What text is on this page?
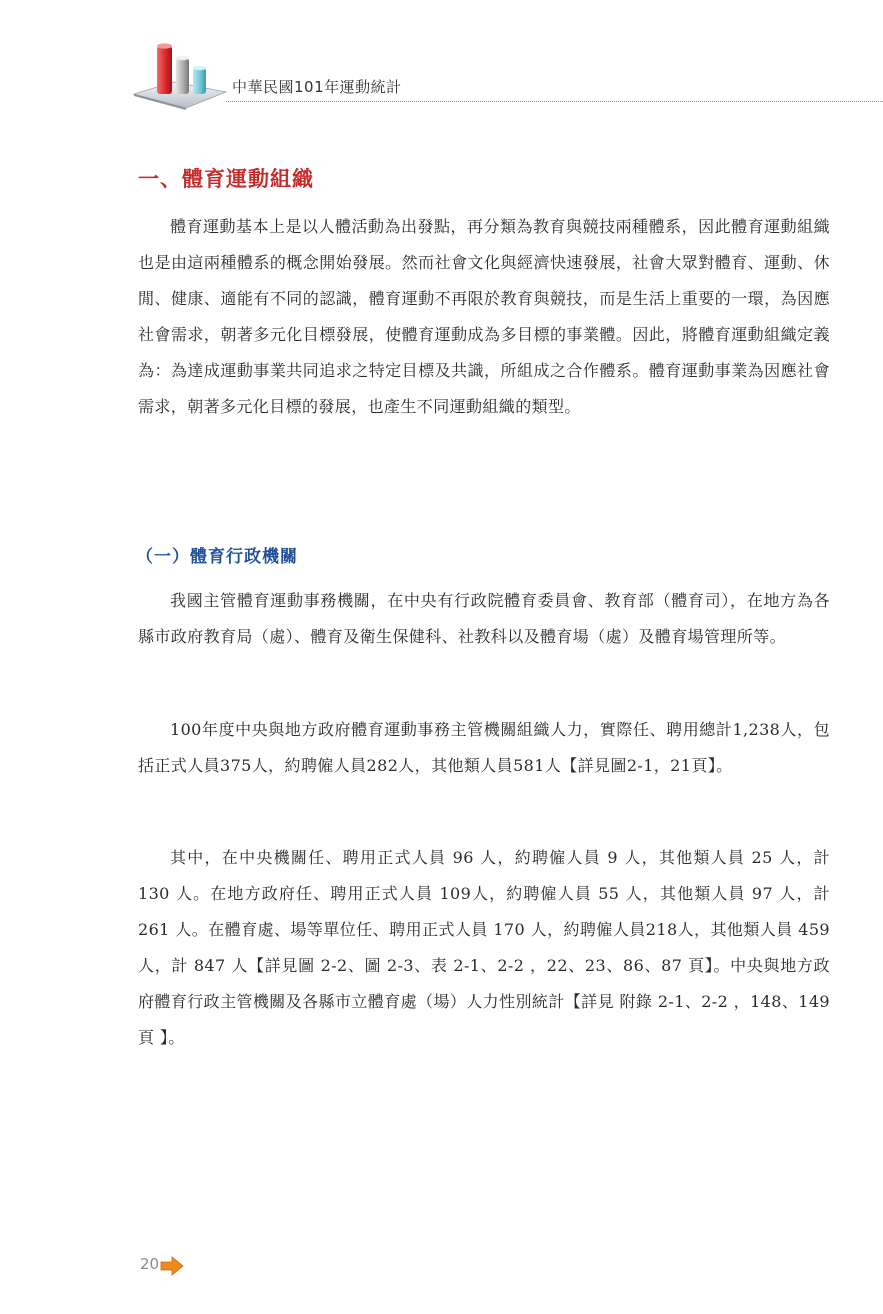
中華民國101年運動統計
一、體育運動組織

體育運動基本上是以人體活動為出發點，再分類為教育與競技兩種體系，因此體育運動組織也是由這兩種體系的概念開始發展。然而社會文化與經濟快速發展，社會大眾對體育、運動、休閒、健康、適能有不同的認識，體育運動不再限於教育與競技，而是生活上重要的一環，為因應社會需求，朝著多元化目標發展，使體育運動成為多目標的事業體。因此，將體育運動組織定義為：為達成運動事業共同追求之特定目標及共識，所組成之合作體系。體育運動事業為因應社會需求，朝著多元化目標的發展，也產生不同運動組織的類型。

（一）體育行政機關

我國主管體育運動事務機關，在中央有行政院體育委員會、教育部（體育司），在地方為各縣市政府教育局（處）、體育及衛生保健科、社教科以及體育場（處）及體育場管理所等。

100年度中央與地方政府體育運動事務主管機關組織人力，實際任、聘用總計1,238人，包括正式人員375人，約聘僱人員282人，其他類人員581人【詳見圖2-1，21頁】。

其中，在中央機關任、聘用正式人員 96 人，約聘僱人員 9 人，其他類人員 25 人，計 130 人。在地方政府任、聘用正式人員 109人，約聘僱人員 55 人，其他類人員 97 人，計 261 人。在體育處、場等單位任、聘用正式人員 170 人，約聘僱人員218人，其他類人員 459 人，計 847 人【詳見圖 2-2、圖 2-3、表 2-1、2-2 ，22、23、86、87 頁】。中央與地方政府體育行政主管機關及各縣市立體育處（場）人力性別統計【詳見 附錄 2-1、2-2 ，148、149 頁 】。

20
